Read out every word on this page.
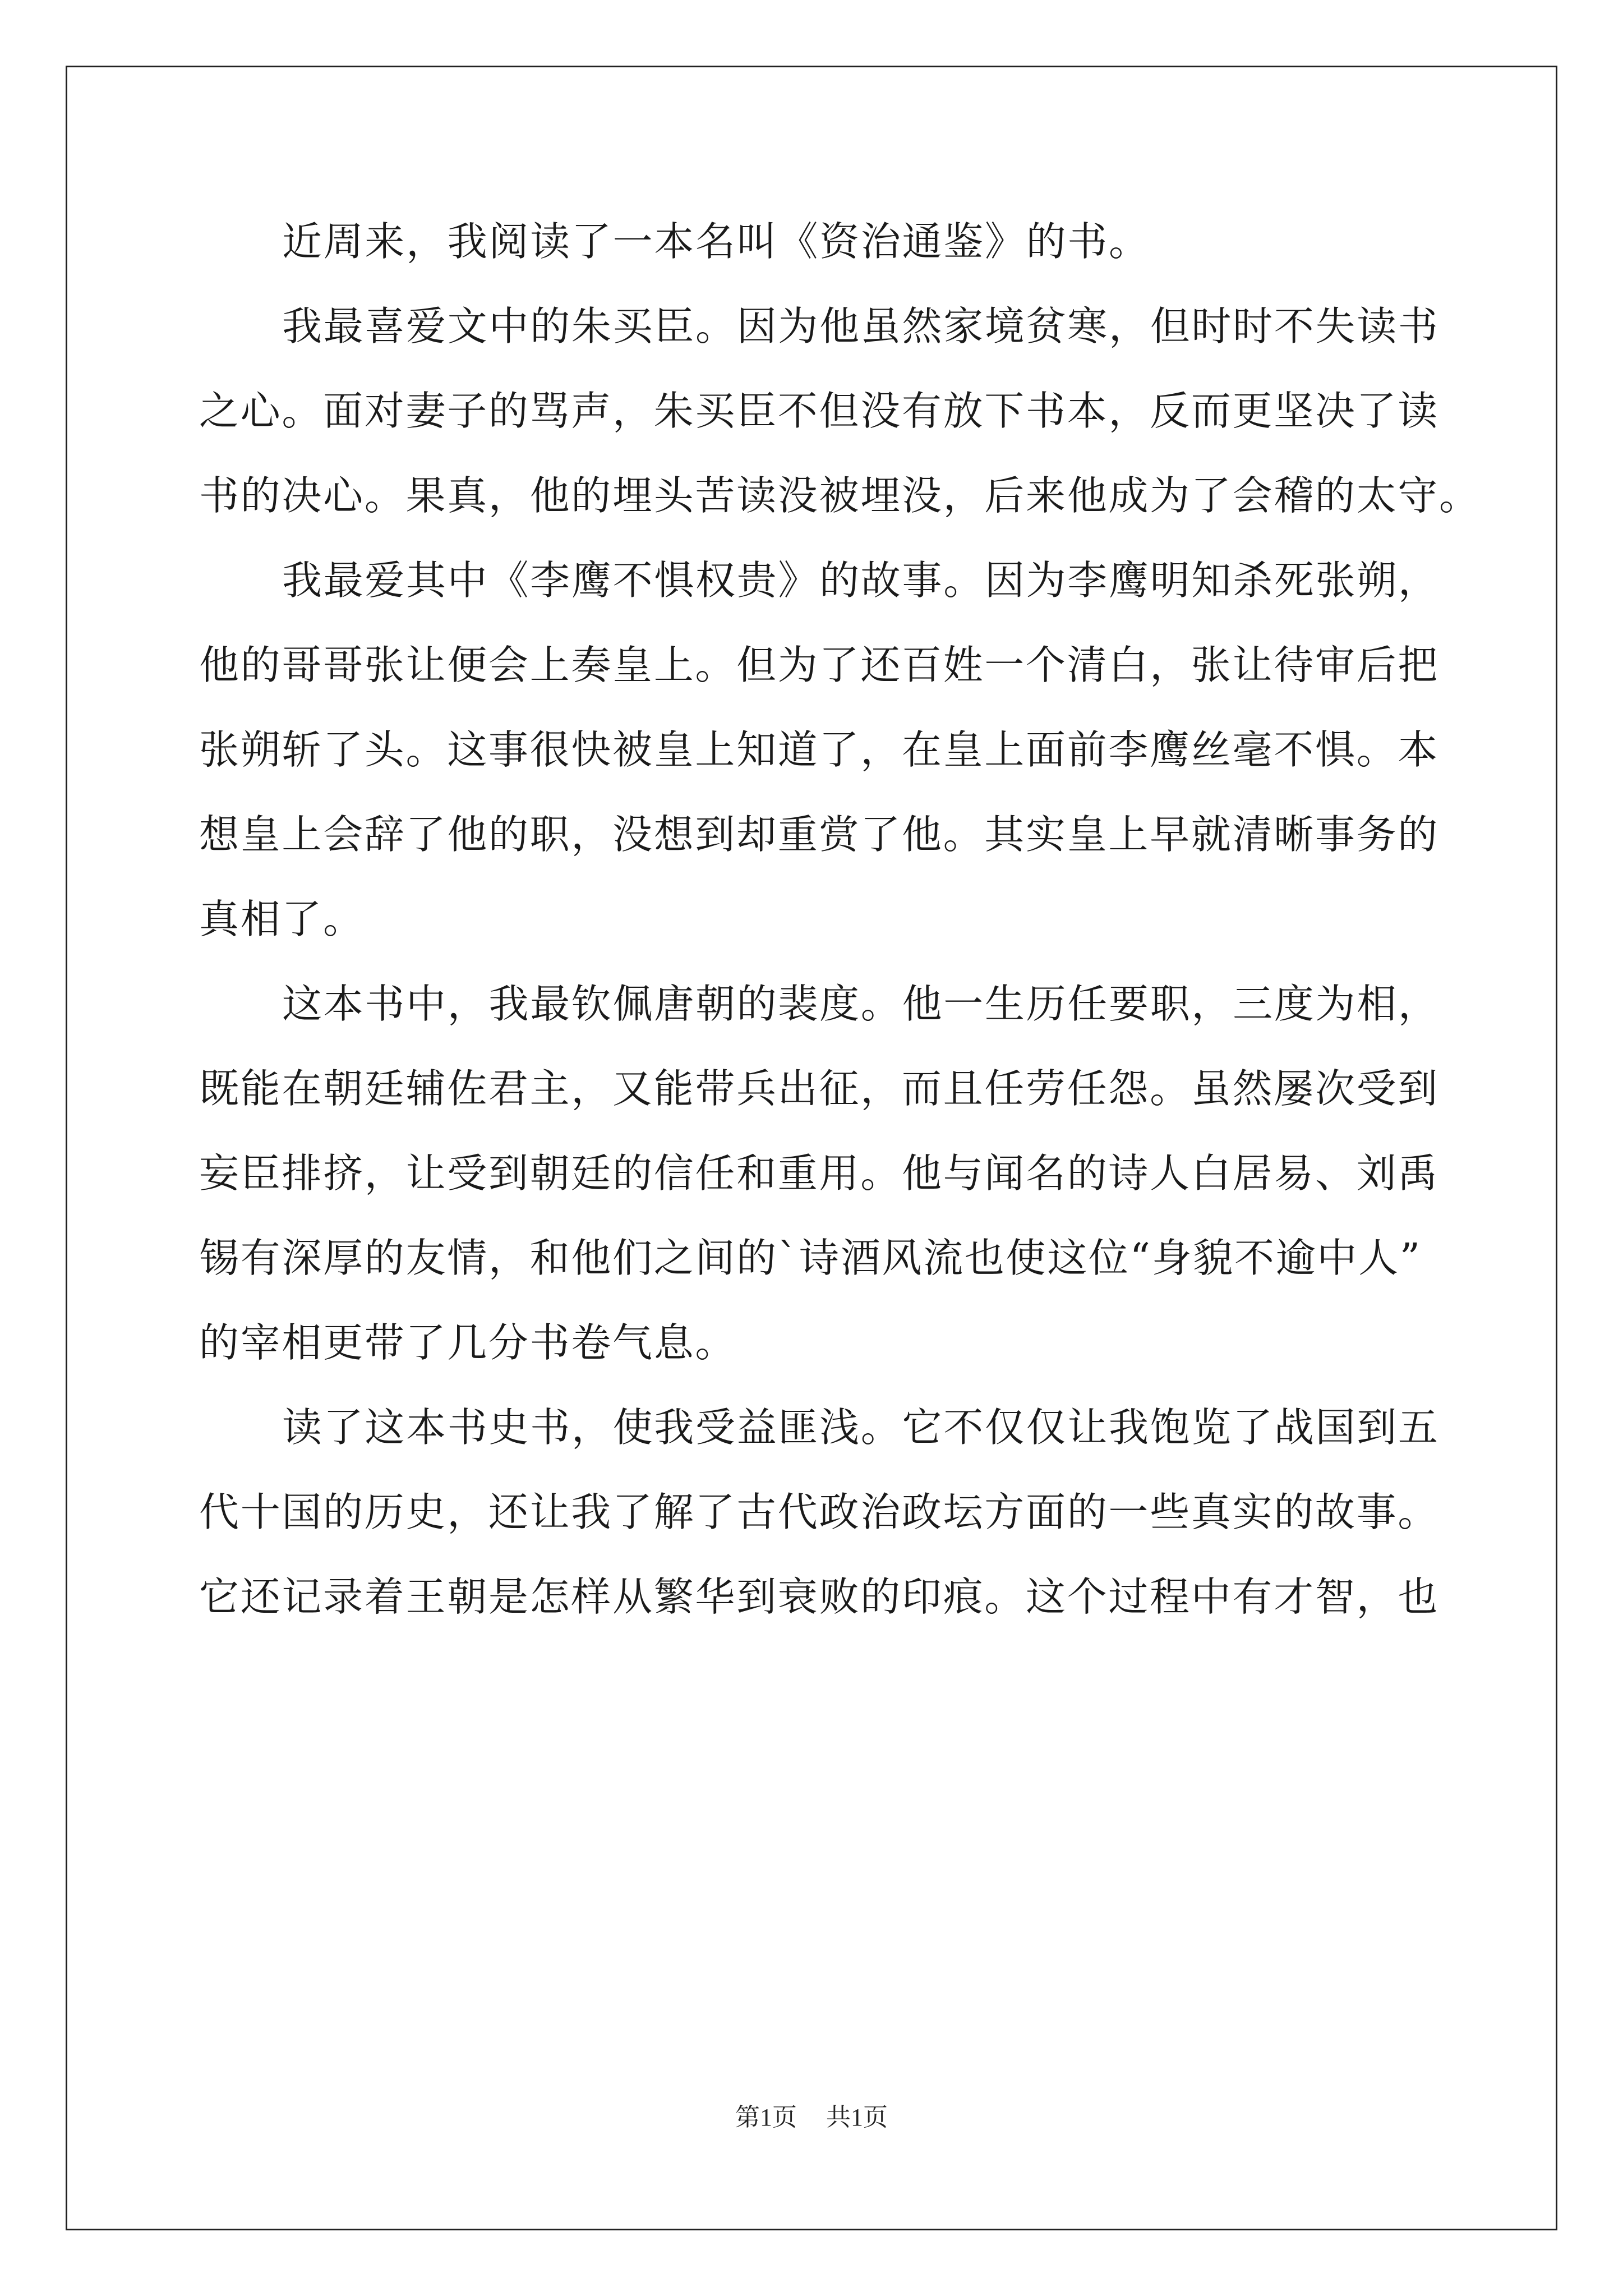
近周来，我阅读了一本名叫《资治通鉴》的书。
我最喜爱文中的朱买臣。因为他虽然家境贫寒，但时时不失读书
之心。面对妻子的骂声，朱买臣不但没有放下书本，反而更坚决了读
书的决心。果真，他的埋头苦读没被埋没，后来他成为了会稽的太守。
我最爱其中《李鹰不惧权贵》的故事。因为李鹰明知杀死张朔，
他的哥哥张让便会上奏皇上。但为了还百姓一个清白，张让待审后把
张朔斩了头。这事很快被皇上知道了，在皇上面前李鹰丝毫不惧。本
想皇上会辞了他的职，没想到却重赏了他。其实皇上早就清晰事务的
真相了。
这本书中，我最钦佩唐朝的裴度。他一生历任要职，三度为相，
既能在朝廷辅佐君主，又能带兵出征，而且任劳任怨。虽然屡次受到
妄臣排挤，让受到朝廷的信任和重用。他与闻名的诗人白居易、刘禹
锡有深厚的友情，和他们之间的`诗酒风流也使这位“身貌不逾中人”
的宰相更带了几分书卷气息。
读了这本书史书，使我受益匪浅。它不仅仅让我饱览了战国到五
代十国的历史，还让我了解了古代政治政坛方面的一些真实的故事。
它还记录着王朝是怎样从繁华到衰败的印痕。这个过程中有才智，也
第1页 共1页
